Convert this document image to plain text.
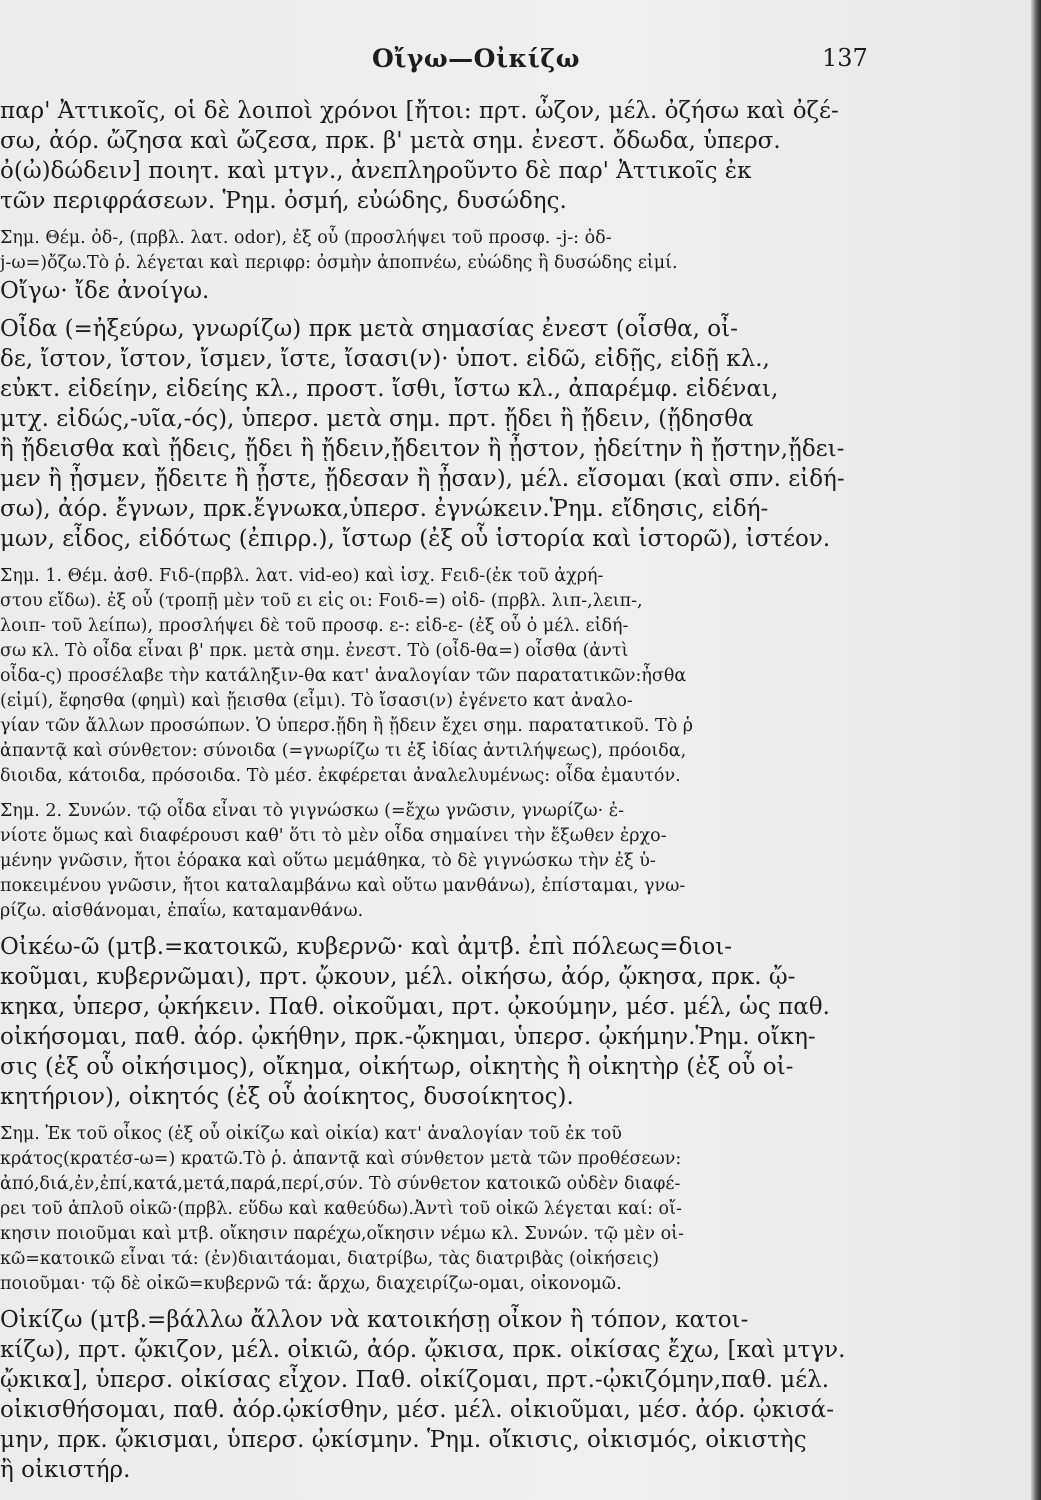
Οἴγω—Οἰκίζω	137
παρ' Ἀττικοῖς, οἱ δὲ λοιποὶ χρόνοι [ἤτοι: πρτ. ὦζον, μέλ. ὀζήσω καὶ ὀζέ-
σω, ἀόρ. ὤζησα καὶ ὤζεσα, πρκ. β' μετὰ σημ. ἐνεστ. ὄδωδα, ὑπερσ.
ὀ(ὠ)δώδειν] ποιητ. καὶ μτγν., ἀνεπληροῦντο δὲ παρ' Ἀττικοῖς ἐκ
τῶν περιφράσεων. Ῥημ. ὀσμή, εὐώδης, δυσώδης.
Σημ. Θέμ. ὀδ-, (πρβλ. λατ. odor), ἐξ οὗ (προσλήψει τοῦ προσφ. -j-: ὀδ-
j-ω=)ὄζω.Τὸ ῥ. λέγεται καὶ περιφρ: ὀσμὴν ἀποπνέω, εὐώδης ἢ δυσώδης εἰμί.
Οἴγω· ἴδε ἀνοίγω.
Οἶδα (=ἠξεύρω, γνωρίζω) πρκ μετὰ σημασίας ἐνεστ (οἶσθα, οἶ-
δε, ἴστον, ἴστον, ἴσμεν, ἴστε, ἴσασι(ν)· ὑποτ. εἰδῶ, εἰδῇς, εἰδῇ κλ.,
εὐκτ. εἰδείην, εἰδείης κλ., προστ. ἴσθι, ἴστω κλ., ἀπαρέμφ. εἰδέναι,
μτχ. εἰδώς,-υῖα,-ός), ὑπερσ. μετὰ σημ. πρτ. ᾔδει ἢ ᾔδειν, (ᾔδησθα
ἢ ᾔδεισθα καὶ ᾔδεις, ᾔδει ἢ ᾔδειν,ᾔδειτον ἢ ᾖστον, ᾐδείτην ἢ ᾔστην,ᾔδει-
μεν ἢ ᾖσμεν, ᾔδειτε ἢ ᾖστε, ᾔδεσαν ἢ ᾖσαν), μέλ. εἴσομαι (καὶ σπν. εἰδή-
σω), ἀόρ. ἔγνων, πρκ.ἔγνωκα,ὑπερσ. ἐγνώκειν.Ῥημ. εἴδησις, εἰδή-
μων, εἶδος, εἰδότως (ἐπιρρ.), ἴστωρ (ἐξ οὗ ἱστορία καὶ ἱστορῶ), ἰστέον.
Σημ. 1. Θέμ. ἀσθ. Fιδ-(πρβλ. λατ. vid-eo) καὶ ἰσχ. Fειδ-(ἐκ τοῦ ἀχρή-
στου εἴδω). ἐξ οὗ (τροπῇ μὲν τοῦ ει εἰς οι: Fοιδ-=) οἰδ- (πρβλ. λιπ-,λειπ-,
λοιπ- τοῦ λείπω), προσλήψει δὲ τοῦ προσφ. ε-: εἰδ-ε- (ἐξ οὗ ὁ μέλ. εἰδή-
σω κλ. Τὸ οἶδα εἶναι β' πρκ. μετὰ σημ. ἐνεστ. Τὸ (οἶδ-θα=) οἶσθα (ἀντὶ
οἶδα-ς) προσέλαβε τὴν κατάληξιν-θα κατ' ἀναλογίαν τῶν παρατατικῶν:ἦσθα
(εἰμί), ἔφησθα (φημὶ) καὶ ᾔεισθα (εἶμι). Τὸ ἴσασι(ν) ἐγένετο κατ ἀναλο-
γίαν τῶν ἄλλων προσώπων. Ὁ ὑπερσ.ᾔδη ἢ ᾔδειν ἔχει σημ. παρατατικοῦ. Τὸ ῥ
ἀπαντᾷ καὶ σύνθετον: σύνοιδα (=γνωρίζω τι ἐξ ἰδίας ἀντιλήψεως), πρόοιδα,
διοιδα, κάτοιδα, πρόσοιδα. Τὸ μέσ. ἐκφέρεται ἀναλελυμένως: οἶδα ἐμαυτόν.
Σημ. 2. Συνών. τῷ οἶδα εἶναι τὸ γιγνώσκω (=ἔχω γνῶσιν, γνωρίζω· ἐ-
νίοτε ὅμως καὶ διαφέρουσι καθ' ὅτι τὸ μὲν οἶδα σημαίνει τὴν ἔξωθεν ἐρχο-
μένην γνῶσιν, ἤτοι ἑόρακα καὶ οὕτω μεμάθηκα, τὸ δὲ γιγνώσκω τὴν ἐξ ὑ-
ποκειμένου γνῶσιν, ἤτοι καταλαμβάνω καὶ οὕτω μανθάνω), ἐπίσταμαι, γνω-
ρίζω. αἰσθάνομαι, ἐπαΐω, καταμανθάνω.
Οἰκέω-ῶ (μτβ.=κατοικῶ, κυβερνῶ· καὶ ἀμτβ. ἐπὶ πόλεως=διοι-
κοῦμαι, κυβερνῶμαι), πρτ. ᾤκουν, μέλ. οἰκήσω, ἀόρ, ᾤκησα, πρκ. ᾤ-
κηκα, ὑπερσ, ᾠκήκειν. Παθ. οἰκοῦμαι, πρτ. ᾠκούμην, μέσ. μέλ, ὡς παθ.
οἰκήσομαι, παθ. ἀόρ. ᾠκήθην, πρκ.-ᾤκημαι, ὑπερσ. ᾠκήμην.Ῥημ. οἴκη-
σις (ἐξ οὗ οἰκήσιμος), οἴκημα, οἰκήτωρ, οἰκητὴς ἢ οἰκητὴρ (ἐξ οὗ οἰ-
κητήριον), οἰκητός (ἐξ οὗ ἀοίκητος, δυσοίκητος).
Σημ. Ἐκ τοῦ οἶκος (ἐξ οὗ οἰκίζω καὶ οἰκία) κατ' ἀναλογίαν τοῦ ἐκ τοῦ
κράτος(κρατέσ-ω=) κρατῶ.Τὸ ῥ. ἀπαντᾷ καὶ σύνθετον μετὰ τῶν προθέσεων:
ἀπό,διά,ἐν,ἐπί,κατά,μετά,παρά,περί,σύν. Τὸ σύνθετον κατοικῶ οὐδὲν διαφέ-
ρει τοῦ ἁπλοῦ οἰκῶ·(πρβλ. εὕδω καὶ καθεύδω).Ἀντὶ τοῦ οἰκῶ λέγεται καί: οἴ-
κησιν ποιοῦμαι καὶ μτβ. οἴκησιν παρέχω,οἴκησιν νέμω κλ. Συνών. τῷ μὲν οἰ-
κῶ=κατοικῶ εἶναι τά: (ἐν)διαιτάομαι, διατρίβω, τὰς διατριβὰς (οἰκήσεις)
ποιοῦμαι· τῷ δὲ οἰκῶ=κυβερνῶ τά: ἄρχω, διαχειρίζω-ομαι, οἰκονομῶ.
Οἰκίζω (μτβ.=βάλλω ἄλλον νὰ κατοικήσῃ οἶκον ἢ τόπον, κατοι-
κίζω), πρτ. ᾤκιζον, μέλ. οἰκιῶ, ἀόρ. ᾤκισα, πρκ. οἰκίσας ἔχω, [καὶ μτγν.
ᾤκικα], ὑπερσ. οἰκίσας εἶχον. Παθ. οἰκίζομαι, πρτ.-ᾠκιζόμην,παθ. μέλ.
οἰκισθήσομαι, παθ. ἀόρ.ᾠκίσθην, μέσ. μέλ. οἰκιοῦμαι, μέσ. ἀόρ. ᾠκισά-
μην, πρκ. ᾤκισμαι, ὑπερσ. ᾠκίσμην. Ῥημ. οἴκισις, οἰκισμός, οἰκιστὴς
ἢ οἰκιστήρ.
